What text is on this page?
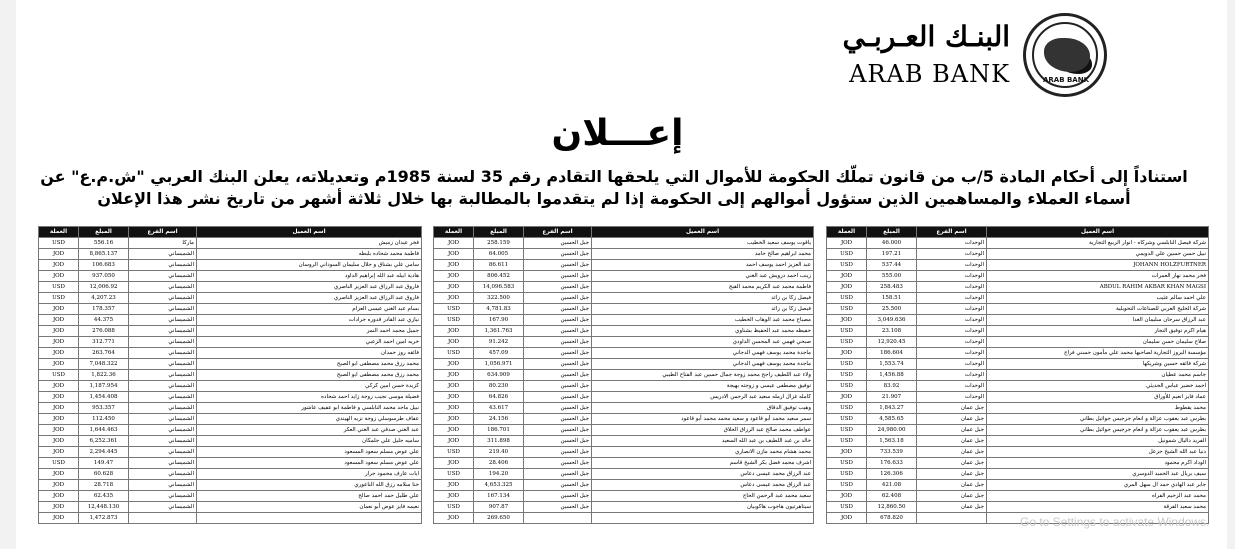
البنـك العـربـي
ARAB BANK	ARAB BANK
إعـــلان
استناداً إلى أحكام المادة 5/ب من قانون تملّك الحكومة للأموال التي يلحقها التقادم رقم 35 لسنة 1985م وتعديلاته، يعلن البنك العربي "ش.م.ع" عن أسماء العملاء والمساهمين الذين ستؤول أموالهم إلى الحكومة إذا لم يتقدموا بالمطالبة بها خلال ثلاثة أشهر من تاريخ نشر هذا الإعلان
اسم العميل	اسم الفرع	المبلغ	العملة
شركة فيصل النابلسي وشركاه - انوار الربيع التجارية	الوحدات	46.000	JOD
نبيل حسن حسين علي الدويمي	الوحدات	197.21	USD
JOHANN HOLZFURTNER	الوحدات	537.44	USD
فخر محمد نهار العمرات	الوحدات	555.00	JOD
ABDUL RAHIM AKBAR KHAN MAGSI	الوحدات	258.483	JOD
علي احمد سالم عثيب	الوحدات	158.51	USD
شركة الخليج العربي للصناعات التحويلية	الوحدات	25.500	USD
عبد الرزاق سرحان سليمان الغدا	الوحدات	3,049.636	JOD
هيام اكرم توفيق النجار	الوحدات	23.108	USD
صلاح سليمان حسن سليمان	الوحدات	12,920.45	USD
مؤسسة البروز التجارية لصاحبها محمد علي مأمون حسني فراج	الوحدات	186.604	JOD
شركة فائقه حسين وشريكها	الوحدات	1,553.74	USD
جاسم محمد عطيان	الوحدات	1,456.88	USD
احمد خضير عباس الحديثي	الوحدات	83.92	USD
عماد فايز انعيم للأوراق	الوحدات	21.907	JOD
محمد يقطوط	جبل عمان	1,843.27	USD
بطرس عبد يعقوب عزالة و انعام جرجيس جوائيل بطاني	جبل عمان	4,585.65	USD
بطرس عبد يعقوب عزالة و انعام جرجيس جوائيل بطاني	جبل عمان	24,980.00	USD
الفريد داليال شمونيل	جبل عمان	1,563.18	USD
دنيا عبد الله الشيخ حزعل	جبل عمان	733.539	JOD
الوداد اكرم محمود	جبل عمان	176.633	USD
سيف بريال عبد الحميد الدوسري	جبل عمان	126.306	USD
جابر عبد الهادي حمد ال سهل المري	جبل عمان	421.08	USD
محمد عبد الرحيم الفراه	جبل عمان	62.408	JOD
محمد سعيد الفرقة	جبل عمان	12,860.50	USD
		678.820	JOD
اسم العميل	اسم الفرع	المبلغ	العملة
ياقوت يوسف سعيد الخطيب	جبل الحسين	258.159	JOD
محمد ابراهيم صالح حامد	جبل الحسين	64.005	JOD
عبد العزيز احمد يوسف احمد	جبل الحسين	86.611	JOD
زينب احمد درويش عبد الغني	جبل الحسين	806.452	JOD
فاطمة محمد عبد الكريم محمد القبج	جبل الحسين	14,096.583	JOD
فيصل زكا بن زائد	جبل الحسين	322.500	JOD
فيصل زكا بن زائد	جبل الحسين	4,781.83	USD
مصباح محمد عبد الوهاب الخطيب	جبل الحسين	167.90	USD
حفيظه محمد عبد الحفيظ بشناوي	جبل الحسين	1,361.763	JOD
صبحي فهمي عبد المحسن الداودي	جبل الحسين	91.242	JOD
ماجدة محمد يوسف فهمي الدجاني	جبل الحسين	457.09	USD
ماجدة محمد يوسف فهمي الدجاني	جبل الحسين	1,056.971	JOD
ولاء عبد اللطيف راجح محمد زوجة جمال حسين عبد الفتاح الطيبي	جبل الحسين	634.909	JOD
توفيق مصطفى عيسى و زوجته بهيجة	جبل الحسين	80.230	JOD
كامله غزال ارمله سعيد عبد الرحمن الادريس	جبل الحسين	64.826	JOD
وهيب توفيق الدقاق	جبل الحسين	43.617	JOD
سمر سعيد محمد أبو قاعود و سعيد محمد محمد أبو قاعود	جبل الحسين	24.156	JOD
عواطف محمد صالح عبد الرزاق الحلاق	جبل الحسين	186.701	JOD
خالد بن عبد اللطيف بن عبد الله السعيد	جبل الحسين	311.898	JOD
محمد هشام محمد مازن الانصاري	جبل الحسين	219.40	USD
اشرف محمد فضل بكر الشيخ قاسم	جبل الحسين	28.406	JOD
عبد الرزاق محمد عيسى دعاس	جبل الحسين	194.20	USD
عبد الرزاق محمد عيسى دعاس	جبل الحسين	4,653.325	JOD
سعيد محمد عبد الرحمن الحاج	جبل الحسين	167.134	JOD
سيتاهرتيون هاجوب هاكوبيان	جبل الحسين	907.87	USD
		269.650	JOD
اسم العميل	اسم الفرع	المبلغ	العملة
فخر عيدان زميش	ماركا	556.16	USD
فاطمة محمد شحاده بلبطه	الشميساني	8,865.137	JOD
سامي علي بشناق و جلال سليمان السوداني الروسان	الشميساني	106.683	JOD
هادية ابيله عبد الله إبراهيم الداود	الشميساني	937.050	JOD
فاروق عبد الرزاق عبد العزيز الناصري	الشميساني	12,006.92	USD
فاروق عبد الرزاق عبد العزيز الناصري	الشميساني	4,207.23	USD
بسام عبد الغني عيسى العزام	الشميساني	178.357	JOD
نيازي عبد القادر قدوره جرادات	الشميساني	44.375	JOD
جميل محمد احمد النمر	الشميساني	276.088	JOD
خريه امين احمد الزعبي	الشميساني	312.771	JOD
فائقه روز حمدان	الشميساني	263.764	JOD
محمد رزق محمد مصطفى ابو الصيح	الشميساني	7,048.322	JOD
محمد رزق محمد مصطفى ابو الصيح	الشميساني	1,822.36	USD
كزيدة حسن امين كركي	الشميساني	1,187.954	JOD
فضيلة موسى نجيب زوجة زايد احمد شحاده	الشميساني	1,454.408	JOD
نبيل ماجد محمد النابلسي و فاطمة ابو عفيف عاشور	الشميساني	953.357	JOD
عفاف طرسوسلي زوجة نزيه الهيندي	الشميساني	112.450	JOD
عبد الغني صدقي عبد الغني العكر	الشميساني	1,644.463	JOD
ساميه جليل علي جلمكان	الشميساني	6,252.361	JOD
علي عوض مسلم سعود المسعود	الشميساني	2,294.445	JOD
علي عوض مسلم سعود المسعود	الشميساني	149.47	USD
ايات عارف محمود جرار	الشميساني	60.628	JOD
حنا سلامه رزق الله الناعوري	الشميساني	28.718	JOD
علي طليل حمد احمد صالح	الشميساني	62.435	JOD
نعيمه فايز عوض أبو نعمان	الشميساني	12,448.130	JOD
		1,472.873	JOD	Go to Settings to activate Windows.
